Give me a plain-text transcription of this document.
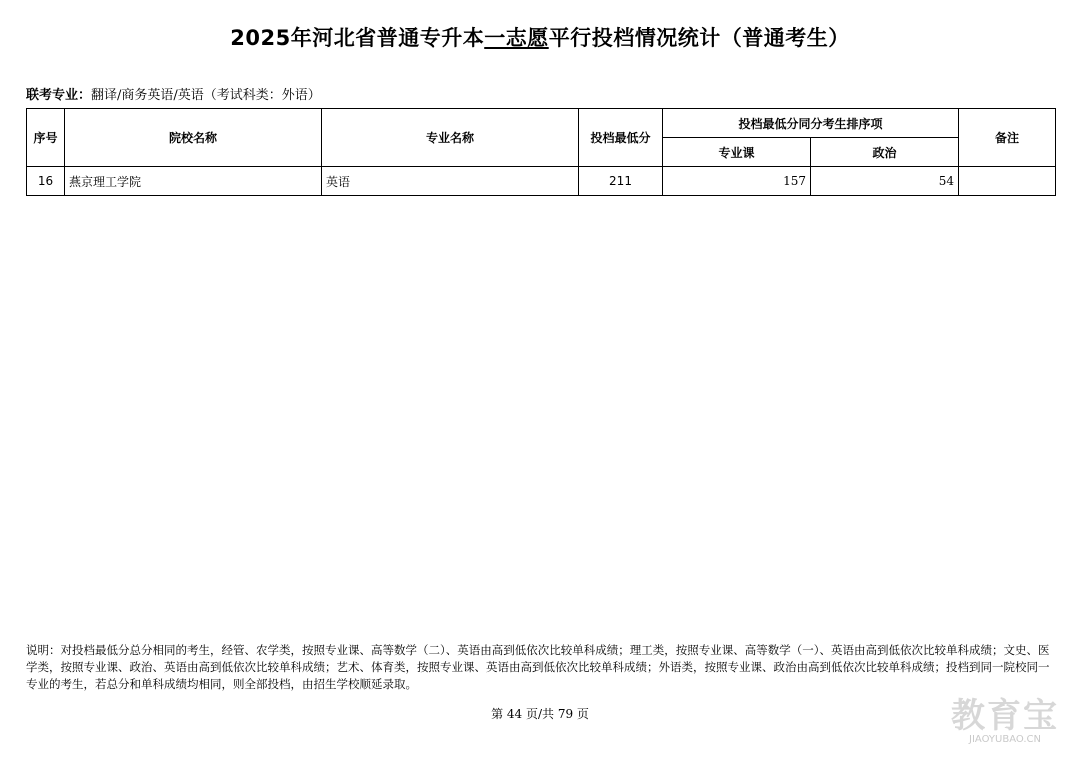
2025年河北省普通专升本一志愿平行投档情况统计（普通考生）
联考专业：翻译/商务英语/英语（考试科类：外语）
序号	院校名称	专业名称	投档最低分	投档最低分同分考生排序项		备注
				专业课	政治	
16	燕京理工学院	英语	211	157	54	
说明：对投档最低分总分相同的考生，经管、农学类，按照专业课、高等数学（二）、英语由高到低依次比较单科成绩；理工类，按照专业课、高等数学（一）、英语由高到低依次比较单科成绩；文史、医学类，按照专业课、政治、英语由高到低依次比较单科成绩；艺术、体育类，按照专业课、英语由高到低依次比较单科成绩；外语类，按照专业课、政治由高到低依次比较单科成绩；投档到同一院校同一专业的考生，若总分和单科成绩均相同，则全部投档，由招生学校顺延录取。
第 44 页/共 79 页	教育宝
JIAOYUBAO.CN
